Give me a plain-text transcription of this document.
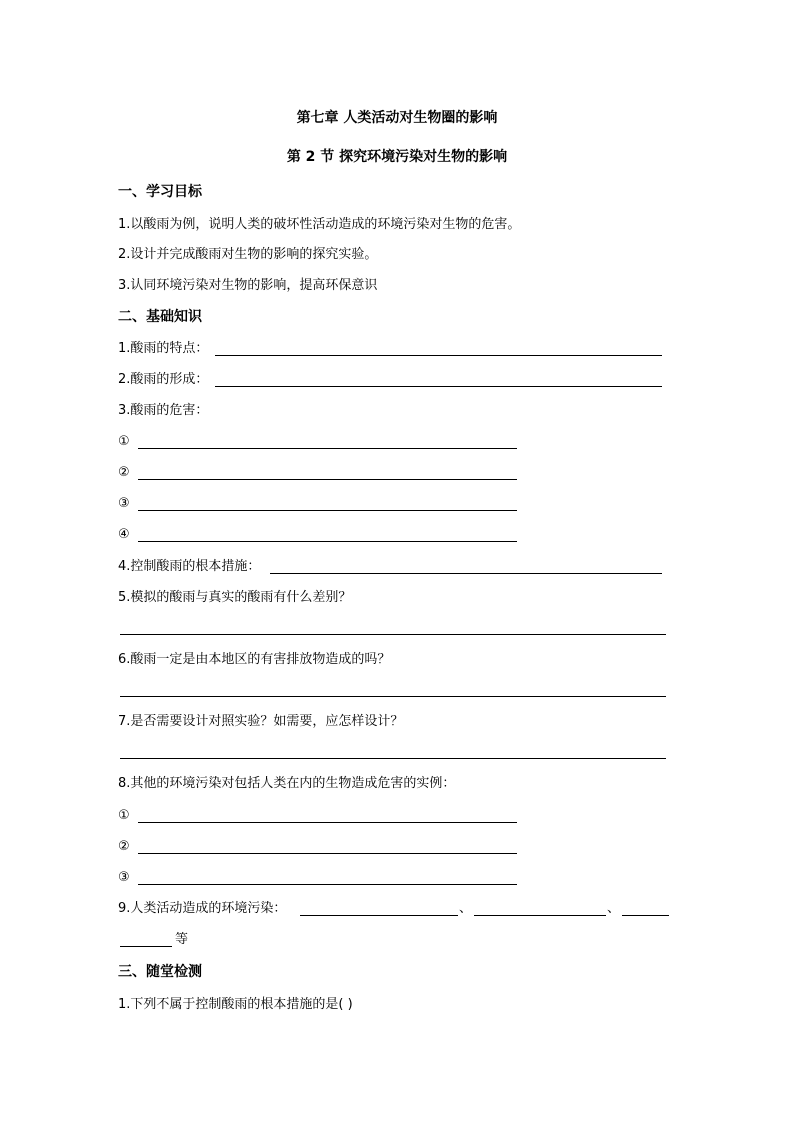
第七章 人类活动对生物圈的影响
第 2 节 探究环境污染对生物的影响
一、学习目标
1.以酸雨为例，说明人类的破坏性活动造成的环境污染对生物的危害。
2.设计并完成酸雨对生物的影响的探究实验。
3.认同环境污染对生物的影响，提高环保意识
二、基础知识
1.酸雨的特点：
2.酸雨的形成：
3.酸雨的危害：
①
②
③
④
4.控制酸雨的根本措施：
5.模拟的酸雨与真实的酸雨有什么差别？
6.酸雨一定是由本地区的有害排放物造成的吗？
7.是否需要设计对照实验？如需要，应怎样设计？
8.其他的环境污染对包括人类在内的生物造成危害的实例：
①
②
③
9.人类活动造成的环境污染：	、	、
等
三、随堂检测
1.下列不属于控制酸雨的根本措施的是( )
